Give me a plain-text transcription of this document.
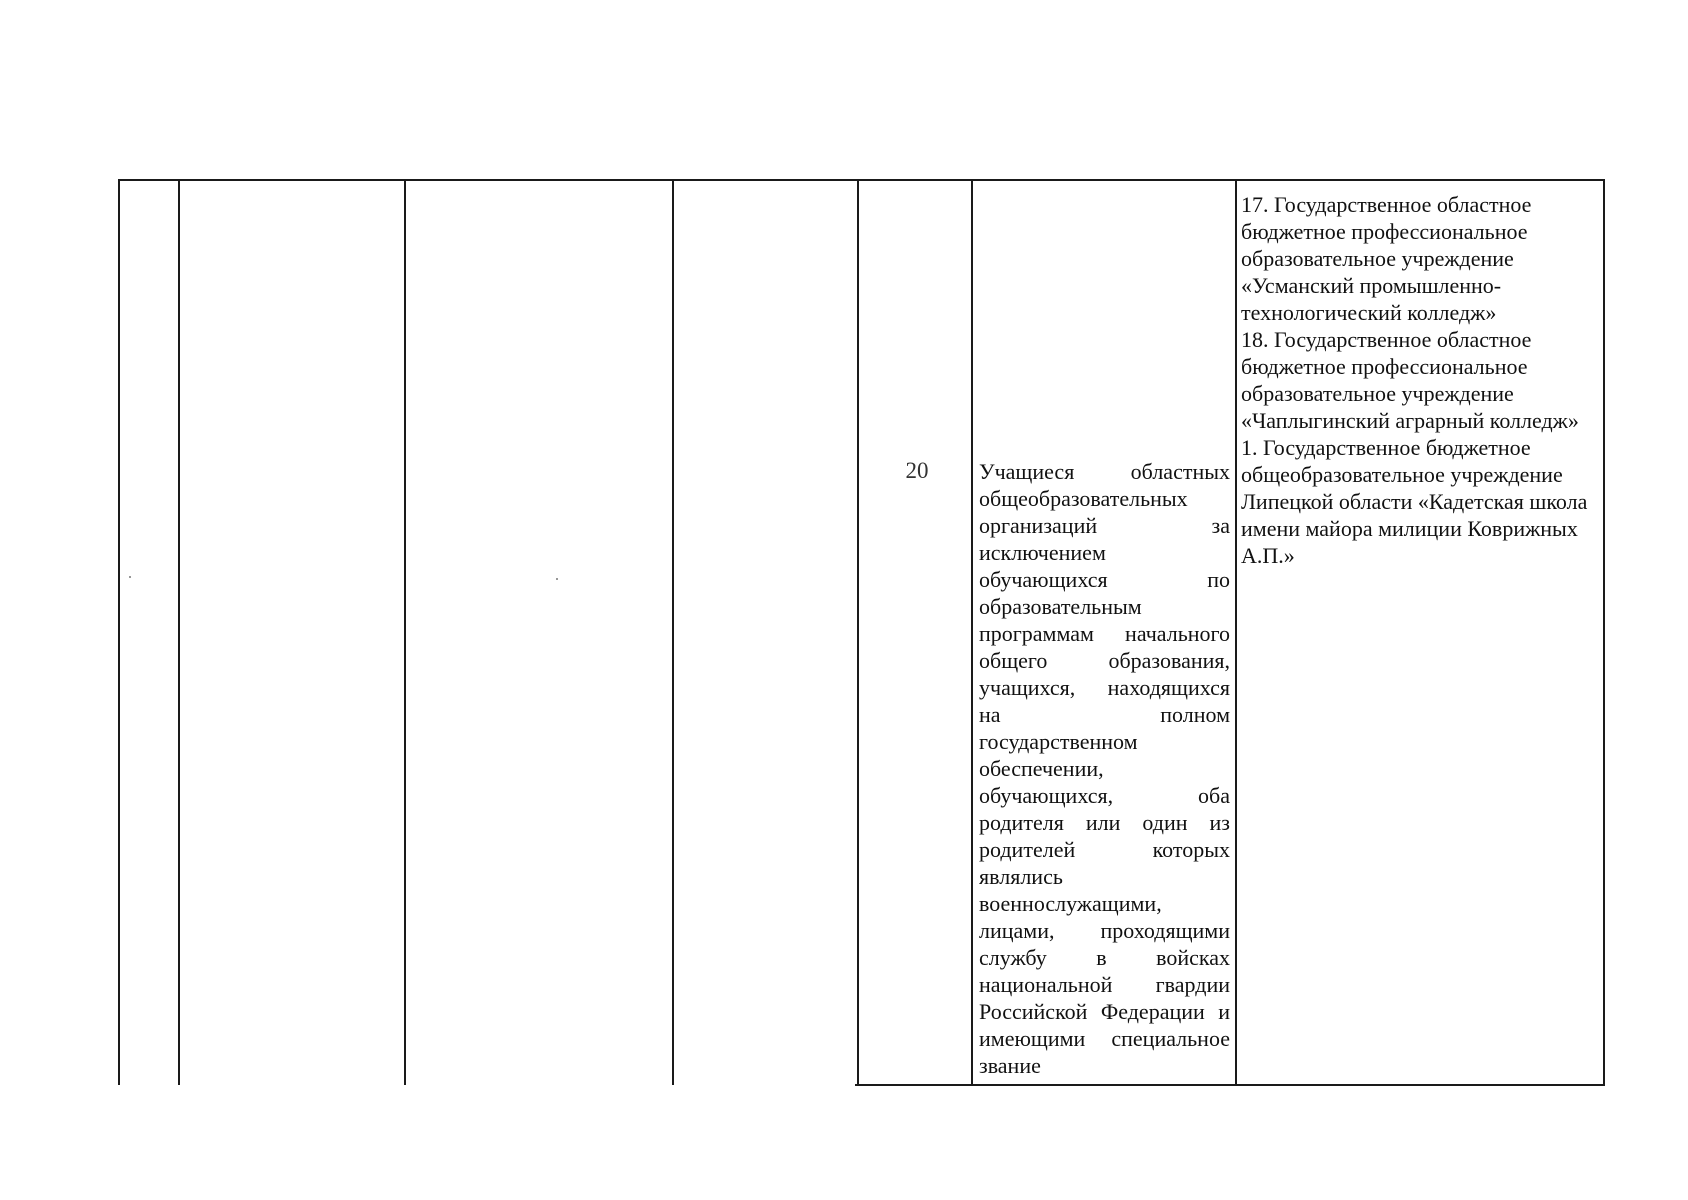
20	Учащиеся областных общеобразовательных организаций за исключением обучающихся по образовательным программам начального общего образования, учащихся, находящихся на полном государственном обеспечении, обучающихся, оба родителя или один из родителей которых являлись военнослужащими, лицами, проходящими службу в войсках национальной гвардии Российской Федерации и имеющими специальное звание

17. Государственное областное бюджетное профессиональное образовательное учреждение «Усманский промышленно-технологический колледж»

18. Государственное областное бюджетное профессиональное образовательное учреждение «Чаплыгинский аграрный колледж»

1. Государственное бюджетное общеобразовательное учреждение Липецкой области «Кадетская школа имени майора милиции Коврижных А.П.»
